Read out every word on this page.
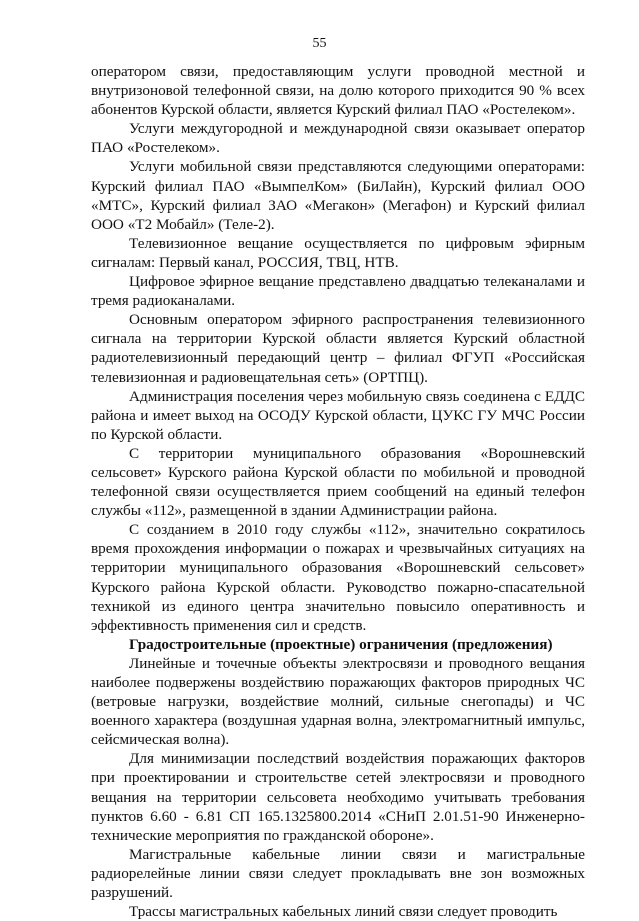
55

оператором связи, предоставляющим услуги проводной местной и внутризоновой телефонной связи, на долю которого приходится 90 % всех абонентов Курской области, является Курский филиал ПАО «Ростелеком».

Услуги междугородной и международной связи оказывает оператор ПАО «Ростелеком».

Услуги мобильной связи представляются следующими операторами: Курский филиал ПАО «ВымпелКом» (БиЛайн), Курский филиал ООО «МТС», Курский филиал ЗАО «Мегакон» (Мегафон) и Курский филиал ООО «Т2 Мобайл» (Теле-2).

Телевизионное вещание осуществляется по цифровым эфирным сигналам: Первый канал, РОССИЯ, ТВЦ, НТВ.

Цифровое эфирное вещание представлено двадцатью телеканалами и тремя радиоканалами.

Основным оператором эфирного распространения телевизионного сигнала на территории Курской области является Курский областной радиотелевизионный передающий центр – филиал ФГУП «Российская телевизионная и радиовещательная сеть» (ОРТПЦ).

Администрация поселения через мобильную связь соединена с ЕДДС района и имеет выход на ОСОДУ Курской области, ЦУКС ГУ МЧС России по Курской области.

С территории муниципального образования «Ворошневский сельсовет» Курского района Курской области по мобильной и проводной телефонной связи осуществляется прием сообщений на единый телефон службы «112», размещенной в здании Администрации района.

С созданием в 2010 году службы «112», значительно сократилось время прохождения информации о пожарах и чрезвычайных ситуациях на территории муниципального образования «Ворошневский сельсовет» Курского района Курской области. Руководство пожарно-спасательной техникой из единого центра значительно повысило оперативность и эффективность применения сил и средств.

Градостроительные (проектные) ограничения (предложения)

Линейные и точечные объекты электросвязи и проводного вещания наиболее подвержены воздействию поражающих факторов природных ЧС (ветровые нагрузки, воздействие молний, сильные снегопады) и ЧС военного характера (воздушная ударная волна, электромагнитный импульс, сейсмическая волна).

Для минимизации последствий воздействия поражающих факторов при проектировании и строительстве сетей электросвязи и проводного вещания на территории сельсовета необходимо учитывать требования пунктов 6.60 - 6.81 СП 165.1325800.2014 «СНиП 2.01.51-90 Инженерно-технические мероприятия по гражданской обороне».

Магистральные кабельные линии связи и магистральные радиорелейные линии связи следует прокладывать вне зон возможных разрушений.

Трассы магистральных кабельных линий связи следует проводить
